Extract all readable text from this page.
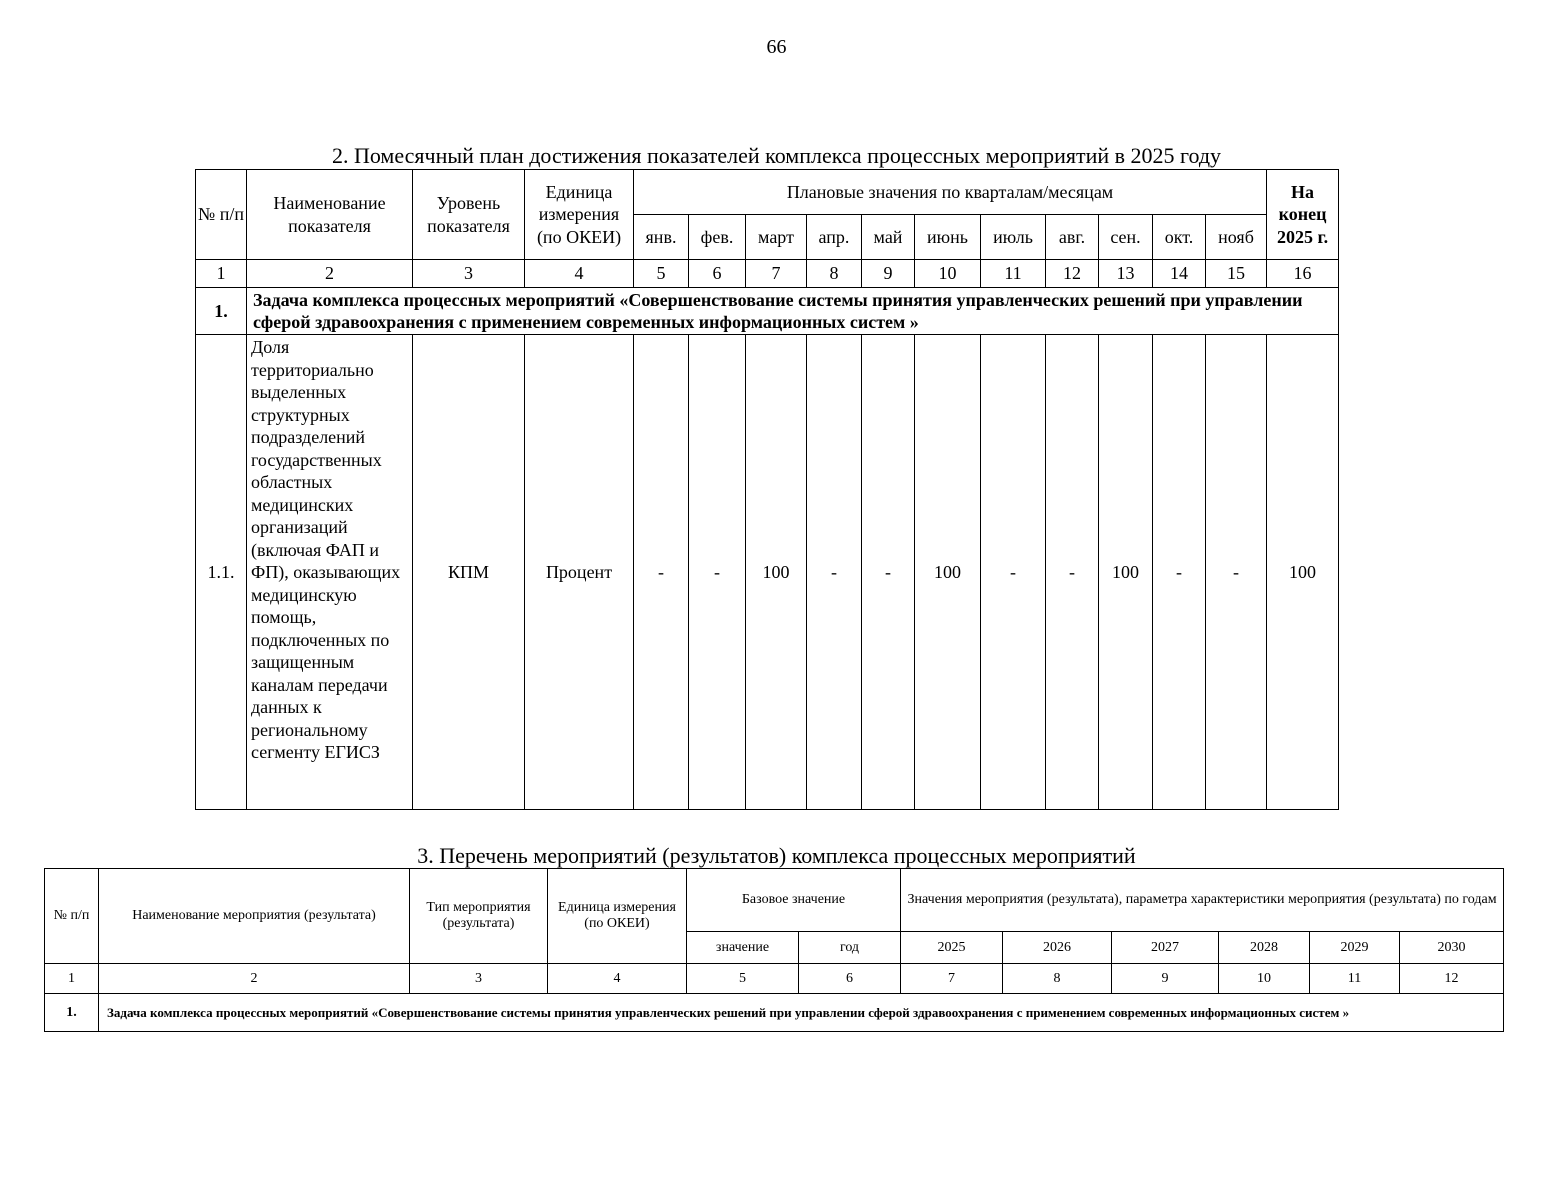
66
2. Помесячный план достижения показателей комплекса процессных мероприятий в 2025 году
№ п/п	Наименование показателя	Уровень показателя	Единица измерения (по ОКЕИ)	Плановые значения по кварталам/месяцам											На конец 2025 г.
				янв.	фев.	март	апр.	май	июнь	июль	авг.	сен.	окт.	нояб	
1	2	3	4	5	6	7	8	9	10	11	12	13	14	15	16
1.	Задача комплекса процессных мероприятий «Совершенствование системы принятия управленческих решений при управлении сферой здравоохранения с применением современных информационных систем »														
1.1.	Доля территориально выделенных структурных подразделений государственных областных медицинских организаций (включая ФАП и ФП), оказывающих медицинскую помощь, подключенных по защищенным каналам передачи данных к региональному сегменту ЕГИСЗ	КПМ	Процент	-	-	100	-	-	100	-	-	100	-	-	100
3. Перечень мероприятий (результатов) комплекса процессных мероприятий
№ п/п	Наименование мероприятия (результата)	Тип мероприятия (результата)	Единица измерения (по ОКЕИ)	Базовое значение		Значения мероприятия (результата), параметра характеристики мероприятия (результата) по годам					
				значение	год	2025	2026	2027	2028	2029	2030
1	2	3	4	5	6	7	8	9	10	11	12
1.	Задача комплекса процессных мероприятий «Совершенствование системы принятия управленческих решений при управлении сферой здравоохранения с применением современных информационных систем »										
